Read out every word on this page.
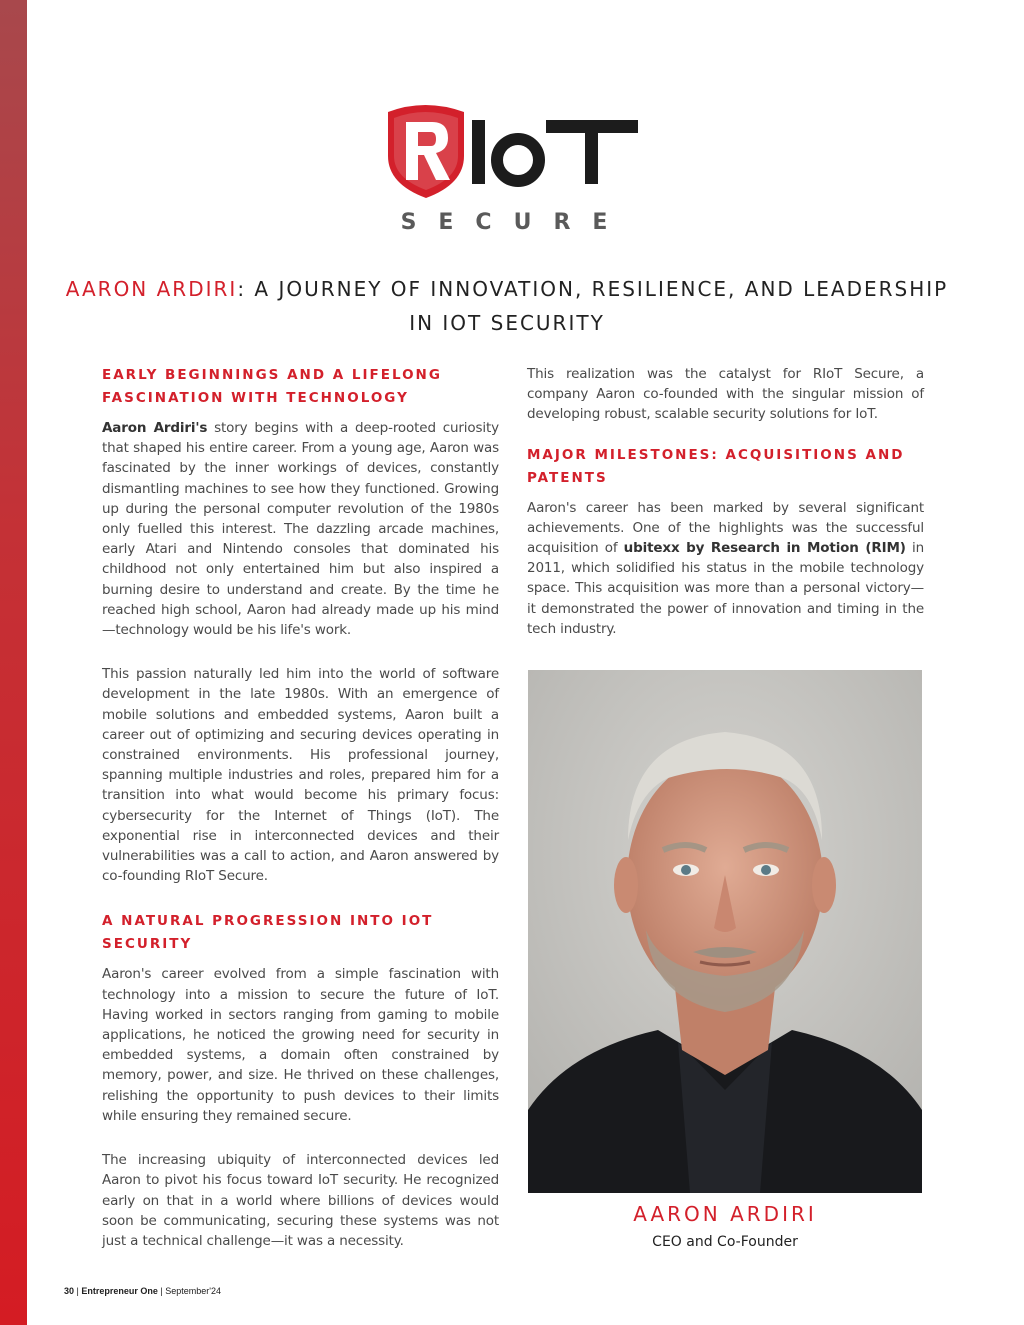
SECURE
AARON ARDIRI: A JOURNEY OF INNOVATION, RESILIENCE, AND LEADERSHIP IN IOT SECURITY
EARLY BEGINNINGS AND A LIFELONG FASCINATION WITH TECHNOLOGY

Aaron Ardiri's story begins with a deep-rooted curiosity that shaped his entire career. From a young age, Aaron was fascinated by the inner workings of devices, constantly dismantling machines to see how they functioned. Growing up during the personal computer revolution of the 1980s only fuelled this interest. The dazzling arcade machines, early Atari and Nintendo consoles that dominated his childhood not only entertained him but also inspired a burning desire to understand and create. By the time he reached high school, Aaron had already made up his mind—technology would be his life's work.

This passion naturally led him into the world of software development in the late 1980s. With an emergence of mobile solutions and embedded systems, Aaron built a career out of optimizing and securing devices operating in constrained environments. His professional journey, spanning multiple industries and roles, prepared him for a transition into what would become his primary focus: cybersecurity for the Internet of Things (IoT). The exponential rise in interconnected devices and their vulnerabilities was a call to action, and Aaron answered by co-founding RIoT Secure.

A NATURAL PROGRESSION INTO IOT SECURITY

Aaron's career evolved from a simple fascination with technology into a mission to secure the future of IoT. Having worked in sectors ranging from gaming to mobile applications, he noticed the growing need for security in embedded systems, a domain often constrained by memory, power, and size. He thrived on these challenges, relishing the opportunity to push devices to their limits while ensuring they remained secure.

The increasing ubiquity of interconnected devices led Aaron to pivot his focus toward IoT security. He recognized early on that in a world where billions of devices would soon be communicating, securing these systems was not just a technical challenge—it was a necessity.

This realization was the catalyst for RIoT Secure, a company Aaron co-founded with the singular mission of developing robust, scalable security solutions for IoT.

MAJOR MILESTONES: ACQUISITIONS AND PATENTS

Aaron's career has been marked by several significant achievements. One of the highlights was the successful acquisition of ubitexx by Research in Motion (RIM) in 2011, which solidified his status in the mobile technology space. This acquisition was more than a personal victory—it demonstrated the power of innovation and timing in the tech industry.

AARON ARDIRI
CEO and Co-Founder
30 | Entrepreneur One | September'24
